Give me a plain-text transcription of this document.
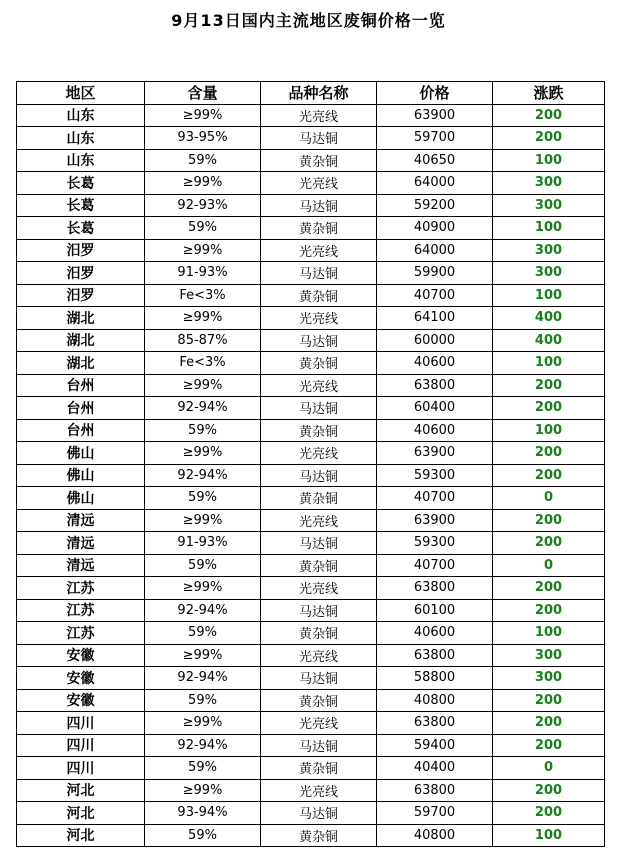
9月13日国内主流地区废铜价格一览
地区	含量	品种名称	价格	涨跌
山东	≥99%	光亮线	63900	200
山东	93-95%	马达铜	59700	200
山东	59%	黄杂铜	40650	100
长葛	≥99%	光亮线	64000	300
长葛	92-93%	马达铜	59200	300
长葛	59%	黄杂铜	40900	100
汨罗	≥99%	光亮线	64000	300
汨罗	91-93%	马达铜	59900	300
汨罗	Fe<3%	黄杂铜	40700	100
湖北	≥99%	光亮线	64100	400
湖北	85-87%	马达铜	60000	400
湖北	Fe<3%	黄杂铜	40600	100
台州	≥99%	光亮线	63800	200
台州	92-94%	马达铜	60400	200
台州	59%	黄杂铜	40600	100
佛山	≥99%	光亮线	63900	200
佛山	92-94%	马达铜	59300	200
佛山	59%	黄杂铜	40700	0
清远	≥99%	光亮线	63900	200
清远	91-93%	马达铜	59300	200
清远	59%	黄杂铜	40700	0
江苏	≥99%	光亮线	63800	200
江苏	92-94%	马达铜	60100	200
江苏	59%	黄杂铜	40600	100
安徽	≥99%	光亮线	63800	300
安徽	92-94%	马达铜	58800	300
安徽	59%	黄杂铜	40800	200
四川	≥99%	光亮线	63800	200
四川	92-94%	马达铜	59400	200
四川	59%	黄杂铜	40400	0
河北	≥99%	光亮线	63800	200
河北	93-94%	马达铜	59700	200
河北	59%	黄杂铜	40800	100
